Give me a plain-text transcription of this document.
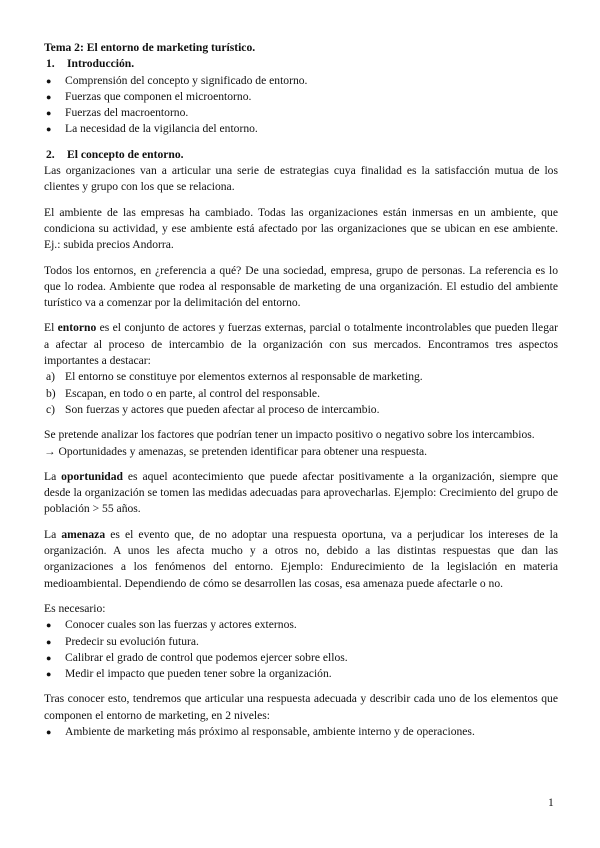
Tema 2: El entorno de marketing turístico.

1. Introducción.
● Comprensión del concepto y significado de entorno.
● Fuerzas que componen el microentorno.
● Fuerzas del macroentorno.
● La necesidad de la vigilancia del entorno.
2. El concepto de entorno.

Las organizaciones van a articular una serie de estrategias cuya finalidad es la satisfacción mutua de los clientes y grupo con los que se relaciona.

El ambiente de las empresas ha cambiado. Todas las organizaciones están inmersas en un ambiente, que condiciona su actividad, y ese ambiente está afectado por las organizaciones que se ubican en ese ambiente. Ej.: subida precios Andorra.

Todos los entornos, en ¿referencia a qué? De una sociedad, empresa, grupo de personas. La referencia es lo que lo rodea. Ambiente que rodea al responsable de marketing de una organización. El estudio del ambiente turístico va a comenzar por la delimitación del entorno.

El entorno es el conjunto de actores y fuerzas externas, parcial o totalmente incontrolables que pueden llegar a afectar al proceso de intercambio de la organización con sus mercados. Encontramos tres aspectos importantes a destacar:

a) El entorno se constituye por elementos externos al responsable de marketing.
b) Escapan, en todo o en parte, al control del responsable.
c) Son fuerzas y actores que pueden afectar al proceso de intercambio.

Se pretende analizar los factores que podrían tener un impacto positivo o negativo sobre los intercambios.

→ Oportunidades y amenazas, se pretenden identificar para obtener una respuesta.

La oportunidad es aquel acontecimiento que puede afectar positivamente a la organización, siempre que desde la organización se tomen las medidas adecuadas para aprovecharlas. Ejemplo: Crecimiento del grupo de población > 55 años.

La amenaza es el evento que, de no adoptar una respuesta oportuna, va a perjudicar los intereses de la organización. A unos les afecta mucho y a otros no, debido a las distintas respuestas que dan las organizaciones a los fenómenos del entorno. Ejemplo: Endurecimiento de la legislación en materia medioambiental. Dependiendo de cómo se desarrollen las cosas, esa amenaza puede afectarle o no.

Es necesario:

● Conocer cuales son las fuerzas y actores externos.
● Predecir su evolución futura.
● Calibrar el grado de control que podemos ejercer sobre ellos.
● Medir el impacto que pueden tener sobre la organización.

Tras conocer esto, tendremos que articular una respuesta adecuada y describir cada uno de los elementos que componen el entorno de marketing, en 2 niveles:

● Ambiente de marketing más próximo al responsable, ambiente interno y de operaciones.
1
